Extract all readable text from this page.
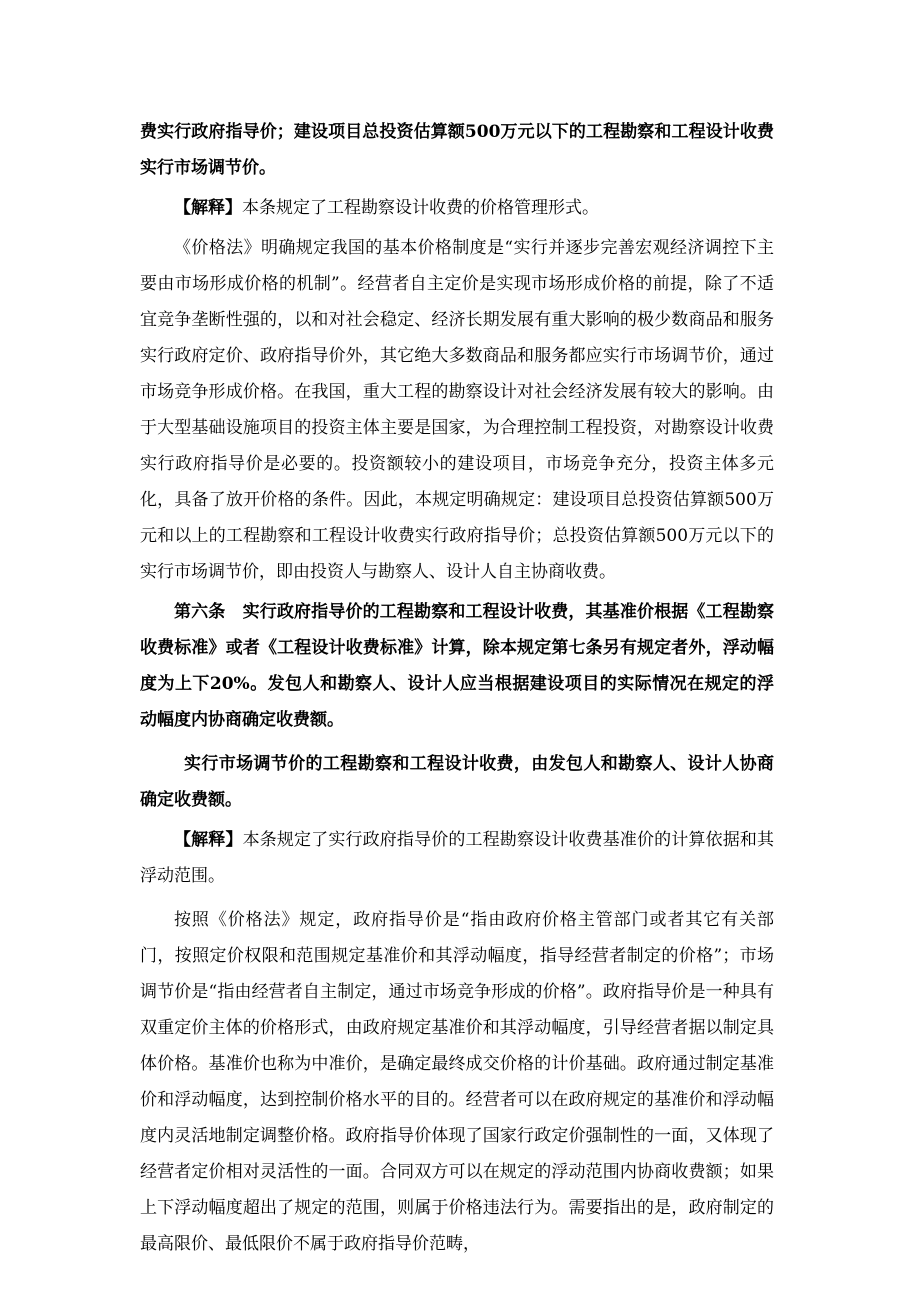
费实行政府指导价；建设项目总投资估算额500万元以下的工程勘察和工程设计收费实行市场调节价。

【解释】本条规定了工程勘察设计收费的价格管理形式。

《价格法》明确规定我国的基本价格制度是“实行并逐步完善宏观经济调控下主要由市场形成价格的机制”。经营者自主定价是实现市场形成价格的前提，除了不适宜竞争垄断性强的，以和对社会稳定、经济长期发展有重大影响的极少数商品和服务实行政府定价、政府指导价外，其它绝大多数商品和服务都应实行市场调节价，通过市场竞争形成价格。在我国，重大工程的勘察设计对社会经济发展有较大的影响。由于大型基础设施项目的投资主体主要是国家，为合理控制工程投资，对勘察设计收费实行政府指导价是必要的。投资额较小的建设项目，市场竞争充分，投资主体多元化，具备了放开价格的条件。因此，本规定明确规定：建设项目总投资估算额500万元和以上的工程勘察和工程设计收费实行政府指导价；总投资估算额500万元以下的实行市场调节价，即由投资人与勘察人、设计人自主协商收费。

第六条　实行政府指导价的工程勘察和工程设计收费，其基准价根据《工程勘察收费标准》或者《工程设计收费标准》计算，除本规定第七条另有规定者外，浮动幅度为上下20%。发包人和勘察人、设计人应当根据建设项目的实际情况在规定的浮动幅度内协商确定收费额。

实行市场调节价的工程勘察和工程设计收费，由发包人和勘察人、设计人协商确定收费额。

【解释】本条规定了实行政府指导价的工程勘察设计收费基准价的计算依据和其浮动范围。

按照《价格法》规定，政府指导价是“指由政府价格主管部门或者其它有关部门，按照定价权限和范围规定基准价和其浮动幅度，指导经营者制定的价格”；市场调节价是“指由经营者自主制定，通过市场竞争形成的价格”。政府指导价是一种具有双重定价主体的价格形式，由政府规定基准价和其浮动幅度，引导经营者据以制定具体价格。基准价也称为中准价，是确定最终成交价格的计价基础。政府通过制定基准价和浮动幅度，达到控制价格水平的目的。经营者可以在政府规定的基准价和浮动幅度内灵活地制定调整价格。政府指导价体现了国家行政定价强制性的一面，又体现了经营者定价相对灵活性的一面。合同双方可以在规定的浮动范围内协商收费额；如果上下浮动幅度超出了规定的范围，则属于价格违法行为。需要指出的是，政府制定的最高限价、最低限价不属于政府指导价范畴，
